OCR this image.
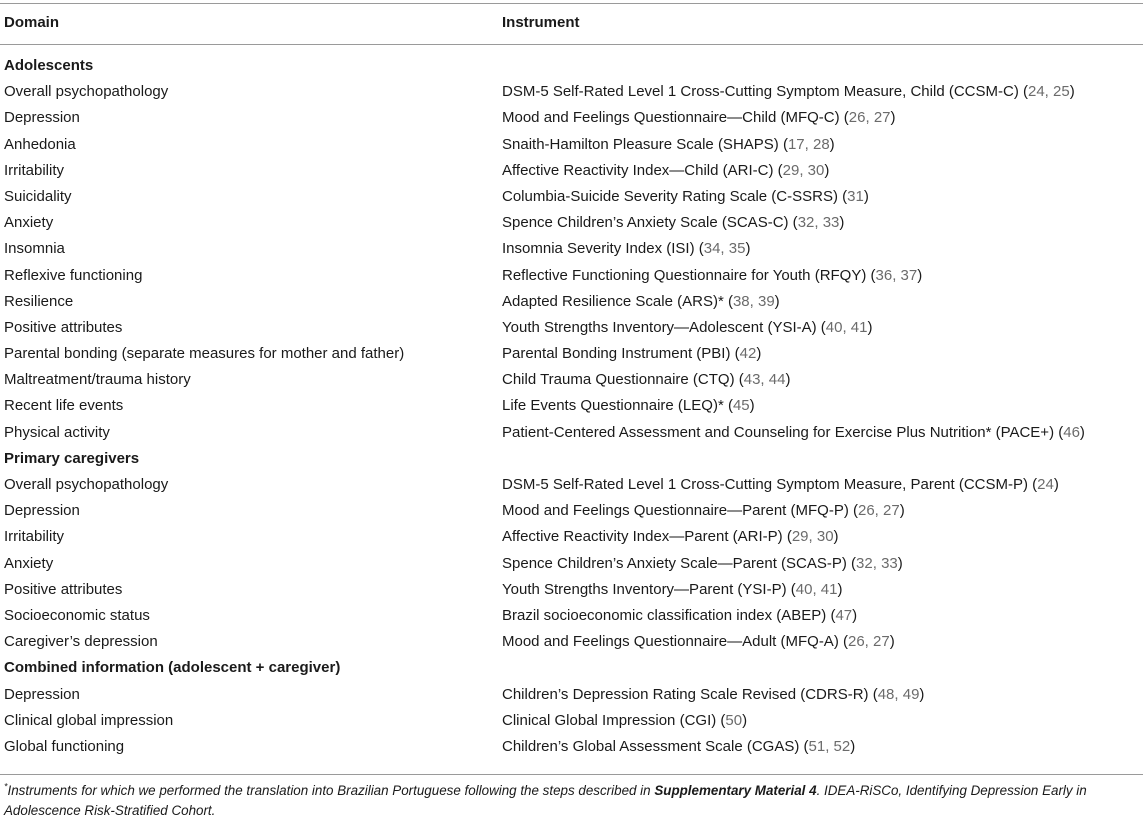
Domain	Instrument
Adolescents
Overall psychopathology	DSM-5 Self-Rated Level 1 Cross-Cutting Symptom Measure, Child (CCSM-C) (24, 25)
Depression	Mood and Feelings Questionnaire—Child (MFQ-C) (26, 27)
Anhedonia	Snaith-Hamilton Pleasure Scale (SHAPS) (17, 28)
Irritability	Affective Reactivity Index—Child (ARI-C) (29, 30)
Suicidality	Columbia-Suicide Severity Rating Scale (C-SSRS) (31)
Anxiety	Spence Children’s Anxiety Scale (SCAS-C) (32, 33)
Insomnia	Insomnia Severity Index (ISI) (34, 35)
Reflexive functioning	Reflective Functioning Questionnaire for Youth (RFQY) (36, 37)
Resilience	Adapted Resilience Scale (ARS)* (38, 39)
Positive attributes	Youth Strengths Inventory—Adolescent (YSI-A) (40, 41)
Parental bonding (separate measures for mother and father)	Parental Bonding Instrument (PBI) (42)
Maltreatment/trauma history	Child Trauma Questionnaire (CTQ) (43, 44)
Recent life events	Life Events Questionnaire (LEQ)* (45)
Physical activity	Patient-Centered Assessment and Counseling for Exercise Plus Nutrition* (PACE+) (46)
Primary caregivers
Overall psychopathology	DSM-5 Self-Rated Level 1 Cross-Cutting Symptom Measure, Parent (CCSM-P) (24)
Depression	Mood and Feelings Questionnaire—Parent (MFQ-P) (26, 27)
Irritability	Affective Reactivity Index—Parent (ARI-P) (29, 30)
Anxiety	Spence Children’s Anxiety Scale—Parent (SCAS-P) (32, 33)
Positive attributes	Youth Strengths Inventory—Parent (YSI-P) (40, 41)
Socioeconomic status	Brazil socioeconomic classification index (ABEP) (47)
Caregiver’s depression	Mood and Feelings Questionnaire—Adult (MFQ-A) (26, 27)
Combined information (adolescent + caregiver)
Depression	Children’s Depression Rating Scale Revised (CDRS-R) (48, 49)
Clinical global impression	Clinical Global Impression (CGI) (50)
Global functioning	Children’s Global Assessment Scale (CGAS) (51, 52)
*Instruments for which we performed the translation into Brazilian Portuguese following the steps described in Supplementary Material 4. IDEA-RiSCo, Identifying Depression Early in Adolescence Risk-Stratified Cohort.
